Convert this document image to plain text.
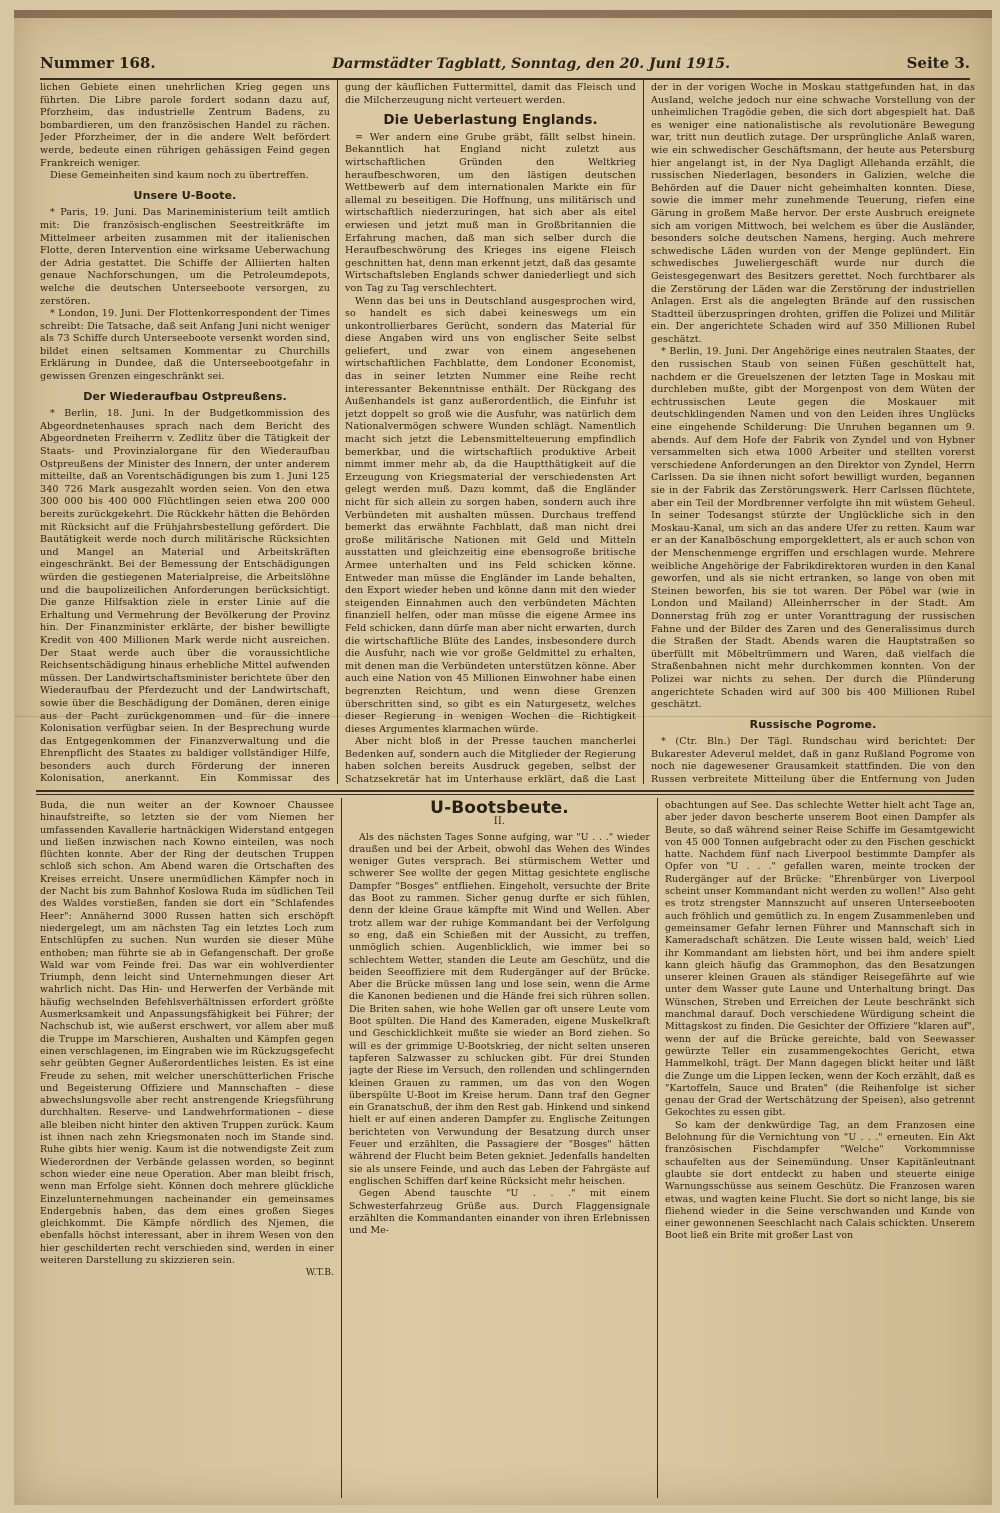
Nummer 168.	Darmstädter Tagblatt, Sonntag, den 20. Juni 1915.	Seite 3.

lichen Gebiete einen unehrlichen Krieg gegen uns führten. Die Libre parole fordert sodann dazu auf, Pforzheim, das industrielle Zentrum Badens, zu bombardieren, um den französischen Handel zu rächen. Jeder Pforzheimer, der in die andere Welt befördert werde, bedeute einen rührigen gehässigen Feind gegen Frankreich weniger.

Diese Gemeinheiten sind kaum noch zu übertreffen.

Unsere U-Boote.

* Paris, 19. Juni. Das Marineministerium teilt amtlich mit: Die französisch-englischen Seestreitkräfte im Mittelmeer arbeiten zusammen mit der italienischen Flotte, deren Intervention eine wirksame Ueberwachung der Adria gestattet. Die Schiffe der Alliierten halten genaue Nachforschungen, um die Petroleumdepots, welche die deutschen Unterseeboote versorgen, zu zerstören.

* London, 19. Juni. Der Flottenkorrespondent der Times schreibt: Die Tatsache, daß seit Anfang Juni nicht weniger als 73 Schiffe durch Unterseeboote versenkt worden sind, bildet einen seltsamen Kommentar zu Churchills Erklärung in Dundee, daß die Unterseebootgefahr in gewissen Grenzen eingeschränkt sei.

Der Wiederaufbau Ostpreußens.

* Berlin, 18. Juni. In der Budgetkommission des Abgeordnetenhauses sprach nach dem Bericht des Abgeordneten Freiherrn v. Zedlitz über die Tätigkeit der Staats- und Provinzialorgane für den Wiederaufbau Ostpreußens der Minister des Innern, der unter anderem mitteilte, daß an Vorentschädigungen bis zum 1. Juni 125 340 726 Mark ausgezahlt worden seien. Von den etwa 300 000 bis 400 000 Flüchtlingen seien etwa 200 000 bereits zurückgekehrt. Die Rückkehr hätten die Behörden mit Rücksicht auf die Frühjahrsbestellung gefördert. Die Bautätigkeit werde noch durch militärische Rücksichten und Mangel an Material und Arbeitskräften eingeschränkt. Bei der Bemessung der Entschädigungen würden die gestiegenen Materialpreise, die Arbeitslöhne und die baupolizeilichen Anforderungen berücksichtigt. Die ganze Hilfsaktion ziele in erster Linie auf die Erhaltung und Vermehrung der Bevölkerung der Provinz hin. Der Finanzminister erklärte, der bisher bewilligte Kredit von 400 Millionen Mark werde nicht ausreichen. Der Staat werde auch über die voraussichtliche Reichsentschädigung hinaus erhebliche Mittel aufwenden müssen. Der Landwirtschaftsminister berichtete über den Wiederaufbau der Pferdezucht und der Landwirtschaft, sowie über die Beschädigung der Domänen, deren einige aus der Pacht zurückgenommen und für die innere Kolonisation verfügbar seien. In der Besprechung wurde das Entgegenkommen der Finanzverwaltung und die Ehrenpflicht des Staates zu baldiger vollständiger Hilfe, besonders auch durch Förderung der inneren Kolonisation, anerkannt. Ein Kommissar des

gung der käuflichen Futtermittel, damit das Fleisch und die Milcherzeugung nicht verteuert werden.

Die Ueberlastung Englands.

= Wer andern eine Grube gräbt, fällt selbst hinein. Bekanntlich hat England nicht zuletzt aus wirtschaftlichen Gründen den Weltkrieg heraufbeschworen, um den lästigen deutschen Wettbewerb auf dem internationalen Markte ein für allemal zu beseitigen. Die Hoffnung, uns militärisch und wirtschaftlich niederzuringen, hat sich aber als eitel erwiesen und jetzt muß man in Großbritannien die Erfahrung machen, daß man sich selber durch die Heraufbeschwörung des Krieges ins eigene Fleisch geschnitten hat, denn man erkennt jetzt, daß das gesamte Wirtschaftsleben Englands schwer daniederliegt und sich von Tag zu Tag verschlechtert.

Wenn das bei uns in Deutschland ausgesprochen wird, so handelt es sich dabei keineswegs um ein unkontrollierbares Gerücht, sondern das Material für diese Angaben wird uns von englischer Seite selbst geliefert, und zwar von einem angesehenen wirtschaftlichen Fachblatte, dem Londoner Economist, das in seiner letzten Nummer eine Reihe recht interessanter Bekenntnisse enthält. Der Rückgang des Außenhandels ist ganz außerordentlich, die Einfuhr ist jetzt doppelt so groß wie die Ausfuhr, was natürlich dem Nationalvermögen schwere Wunden schlägt. Namentlich macht sich jetzt die Lebensmittelteuerung empfindlich bemerkbar, und die wirtschaftlich produktive Arbeit nimmt immer mehr ab, da die Hauptthätigkeit auf die Erzeugung von Kriegsmaterial der verschiedensten Art gelegt werden muß. Dazu kommt, daß die Engländer nicht für sich allein zu sorgen haben, sondern auch ihre Verbündeten mit aushalten müssen. Durchaus treffend bemerkt das erwähnte Fachblatt, daß man nicht drei große militärische Nationen mit Geld und Mitteln ausstatten und gleichzeitig eine ebensogroße britische Armee unterhalten und ins Feld schicken könne. Entweder man müsse die Engländer im Lande behalten, den Export wieder heben und könne dann mit den wieder steigenden Einnahmen auch den verbündeten Mächten finanziell helfen, oder man müsse die eigene Armee ins Feld schicken, dann dürfe man aber nicht erwarten, durch die wirtschaftliche Blüte des Landes, insbesondere durch die Ausfuhr, nach wie vor große Geldmittel zu erhalten, mit denen man die Verbündeten unterstützen könne. Aber auch eine Nation von 45 Millionen Einwohner habe einen begrenzten Reichtum, und wenn diese Grenzen überschritten sind, so gibt es ein Naturgesetz, welches dieser Regierung in wenigen Wochen die Richtigkeit dieses Argumentes klarmachen würde.

Aber nicht bloß in der Presse tauchen mancherlei Bedenken auf, sondern auch die Mitglieder der Regierung haben solchen bereits Ausdruck gegeben, selbst der Schatzsekretär hat im Unterhause erklärt, daß die Last

der in der vorigen Woche in Moskau stattgefunden hat, in das Ausland, welche jedoch nur eine schwache Vorstellung von der unheimlichen Tragödie geben, die sich dort abgespielt hat. Daß es weniger eine nationalistische als revolutionäre Bewegung war, tritt nun deutlich zutage. Der ursprüngliche Anlaß waren, wie ein schwedischer Geschäftsmann, der heute aus Petersburg hier angelangt ist, in der Nya Dagligt Allehanda erzählt, die russischen Niederlagen, besonders in Galizien, welche die Behörden auf die Dauer nicht geheimhalten konnten. Diese, sowie die immer mehr zunehmende Teuerung, riefen eine Gärung in großem Maße hervor. Der erste Ausbruch ereignete sich am vorigen Mittwoch, bei welchem es über die Ausländer, besonders solche deutschen Namens, herging. Auch mehrere schwedische Läden wurden von der Menge geplündert. Ein schwedisches Juweliergeschäft wurde nur durch die Geistesgegenwart des Besitzers gerettet. Noch furchtbarer als die Zerstörung der Läden war die Zerstörung der industriellen Anlagen. Erst als die angelegten Brände auf den russischen Stadtteil überzuspringen drohten, griffen die Polizei und Militär ein. Der angerichtete Schaden wird auf 350 Millionen Rubel geschätzt.

* Berlin, 19. Juni. Der Angehörige eines neutralen Staates, der den russischen Staub von seinen Füßen geschüttelt hat, nachdem er die Greuelszenen der letzten Tage in Moskau mit durchleben mußte, gibt der Morgenpost von dem Wüten der echtrussischen Leute gegen die Moskauer mit deutschklingenden Namen und von den Leiden ihres Unglücks eine eingehende Schilderung: Die Unruhen begannen um 9. abends. Auf dem Hofe der Fabrik von Zyndel und von Hybner versammelten sich etwa 1000 Arbeiter und stellten vorerst verschiedene Anforderungen an den Direktor von Zyndel, Herrn Carlssen. Da sie ihnen nicht sofort bewilligt wurden, begannen sie in der Fabrik das Zerstörungswerk. Herr Carlssen flüchtete, aber ein Teil der Mordbrenner verfolgte ihn mit wüstem Geheul. In seiner Todesangst stürzte der Unglückliche sich in den Moskau-Kanal, um sich an das andere Ufer zu retten. Kaum war er an der Kanalböschung emporgeklettert, als er auch schon von der Menschenmenge ergriffen und erschlagen wurde. Mehrere weibliche Angehörige der Fabrikdirektoren wurden in den Kanal geworfen, und als sie nicht ertranken, so lange von oben mit Steinen beworfen, bis sie tot waren. Der Pöbel war (wie in London und Mailand) Alleinherrscher in der Stadt. Am Donnerstag früh zog er unter Voranttragung der russischen Fahne und der Bilder des Zaren und des Generalissimus durch die Straßen der Stadt. Abends waren die Hauptstraßen so überfüllt mit Möbeltrümmern und Waren, daß vielfach die Straßenbahnen nicht mehr durchkommen konnten. Von der Polizei war nichts zu sehen. Der durch die Plünderung angerichtete Schaden wird auf 300 bis 400 Millionen Rubel geschätzt.

Russische Pogrome.

* (Ctr. Bln.) Der Tägl. Rundschau wird berichtet: Der Bukarester Adeverul meldet, daß in ganz Rußland Pogrome von noch nie dagewesener Grausamkeit stattfinden. Die von den Russen verbreitete Mitteilung über die Entfernung von Juden

Buda, die nun weiter an der Kownoer Chaussee hinaufstreifte, so letzten sie der vom Niemen her umfassenden Kavallerie hartnäckigen Widerstand entgegen und ließen inzwischen nach Kowno einteilen, was noch flüchten konnte. Aber der Ring der deutschen Truppen schloß sich schon. Am Abend waren die Ortschaften des Kreises erreicht. Unsere unermüdlichen Kämpfer noch in der Nacht bis zum Bahnhof Koslowa Ruda im südlichen Teil des Waldes vorstießen, fanden sie dort ein "Schlafendes Heer": Annähernd 3000 Russen hatten sich erschöpft niedergelegt, um am nächsten Tag ein letztes Loch zum Entschlüpfen zu suchen. Nun wurden sie dieser Mühe enthoben; man führte sie ab in Gefangenschaft. Der große Wald war vom Feinde frei. Das war ein wohlverdienter Triumph, denn leicht sind Unternehmungen dieser Art wahrlich nicht. Das Hin- und Herwerfen der Verbände mit häufig wechselnden Befehlsverhältnissen erfordert größte Ausmerksamkeit und Anpassungsfähigkeit bei Führer; der Nachschub ist, wie außerst erschwert, vor allem aber muß die Truppe im Marschieren, Aushalten und Kämpfen gegen einen verschlagenen, im Eingraben wie im Rückzugsgefecht sehr geübten Gegner Außerordentliches leisten. Es ist eine Freude zu sehen, mit welcher unerschütterlichen Frische und Begeisterung Offiziere und Mannschaften – diese abwechslungsvolle aber recht anstrengende Kriegsführung durchhalten. Reserve- und Landwehrformationen – diese alle bleiben nicht hinter den aktiven Truppen zurück. Kaum ist ihnen nach zehn Kriegsmonaten noch im Stande sind. Ruhe gibts hier wenig. Kaum ist die notwendigste Zeit zum Wiederordnen der Verbände gelassen worden, so beginnt schon wieder eine neue Operation. Aber man bleibt frisch, wenn man Erfolge sieht. Können doch mehrere glückliche Einzelunternehmungen nacheinander ein gemeinsames Endergebnis haben, das dem eines großen Sieges gleichkommt. Die Kämpfe nördlich des Njemen, die ebenfalls höchst interessant, aber in ihrem Wesen von den hier geschilderten recht verschieden sind, werden in einer weiteren Darstellung zu skizzieren sein.

W.T.B.
U-Bootsbeute.
II.

Als des nächsten Tages Sonne aufging, war "U . . ." wieder draußen und bei der Arbeit, obwohl das Wehen des Windes weniger Gutes versprach. Bei stürmischem Wetter und schwerer See wollte der gegen Mittag gesichtete englische Dampfer "Bosges" entfliehen. Eingeholt, versuchte der Brite das Boot zu rammen. Sicher genug durfte er sich fühlen, denn der kleine Graue kämpfte mit Wind und Wellen. Aber trotz allem war der ruhige Kommandant bei der Verfolgung so eng, daß ein Schießen mit der Aussicht, zu treffen, unmöglich schien. Augenblicklich, wie immer bei so schlechtem Wetter, standen die Leute am Geschütz, und die beiden Seeoffiziere mit dem Rudergänger auf der Brücke. Aber die Brücke müssen lang und lose sein, wenn die Arme die Kanonen bedienen und die Hände frei sich rühren sollen. Die Briten sahen, wie hohe Wellen gar oft unsere Leute vom Boot spülten. Die Hand des Kameraden, eigene Muskelkraft und Geschicklichkeit mußte sie wieder an Bord ziehen. So will es der grimmige U-Bootskrieg, der nicht selten unseren tapferen Salzwasser zu schlucken gibt. Für drei Stunden jagte der Riese im Versuch, den rollenden und schlingernden kleinen Grauen zu rammen, um das von den Wogen überspülte U-Boot im Kreise herum. Dann traf den Gegner ein Granatschuß, der ihm den Rest gab. Hinkend und sinkend hielt er auf einen anderen Dampfer zu. Englische Zeitungen berichteten von Verwundung der Besatzung durch unser Feuer und erzählten, die Passagiere der "Bosges" hätten während der Flucht beim Beten gekniet. Jedenfalls handelten sie als unsere Feinde, und auch das Leben der Fahrgäste auf englischen Schiffen darf keine Rücksicht mehr heischen.

Gegen Abend tauschte "U . . ." mit einem Schwesterfahrzeug Grüße aus. Durch Flaggensignale erzählten die Kommandanten einander von ihren Erlebnissen und Me-

obachtungen auf See. Das schlechte Wetter hielt acht Tage an, aber jeder davon bescherte unserem Boot einen Dampfer als Beute, so daß während seiner Reise Schiffe im Gesamtgewicht von 45 000 Tonnen aufgebracht oder zu den Fischen geschickt hatte. Nachdem fünf nach Liverpool bestimmte Dampfer als Opfer von "U . . ." gefallen waren, meinte trocken der Rudergänger auf der Brücke: "Ehrenbürger von Liverpool scheint unser Kommandant nicht werden zu wollen!" Also geht es trotz strengster Mannszucht auf unseren Unterseebooten auch fröhlich und gemütlich zu. In engem Zusammenleben und gemeinsamer Gefahr lernen Führer und Mannschaft sich in Kameradschaft schätzen. Die Leute wissen bald, weich' Lied ihr Kommandant am liebsten hört, und bei ihm andere spielt kann gleich häufig das Grammophon, das den Besatzungen unserer kleinen Grauen als ständiger Reisegefährte auf wie unter dem Wasser gute Laune und Unterhaltung bringt. Das Wünschen, Streben und Erreichen der Leute beschränkt sich manchmal darauf. Doch verschiedene Würdigung scheint die Mittagskost zu finden. Die Gesichter der Offiziere "klaren auf", wenn der auf die Brücke gereichte, bald von Seewasser gewürzte Teller ein zusammengekochtes Gericht, etwa Hammelkohl, trägt. Der Mann dagegen blickt heiter und läßt die Zunge um die Lippen lecken, wenn der Koch erzählt, daß es "Kartoffeln, Sauce und Braten" (die Reihenfolge ist sicher genau der Grad der Wertschätzung der Speisen), also getrennt Gekochtes zu essen gibt.

So kam der denkwürdige Tag, an dem Franzosen eine Belohnung für die Vernichtung von "U . . ." erneuten. Ein Akt französischen Fischdampfer "Welche" Vorkommnisse schaufelten aus der Seinemündung. Unser Kapitänleutnant glaubte sie dort entdeckt zu haben und steuerte einige Warnungsschüsse aus seinem Geschütz. Die Franzosen waren etwas, und wagten keine Flucht. Sie dort so nicht lange, bis sie fliehend wieder in die Seine verschwanden und Kunde von einer gewonnenen Seeschlacht nach Calais schickten. Unserem Boot ließ ein Brite mit großer Last von
